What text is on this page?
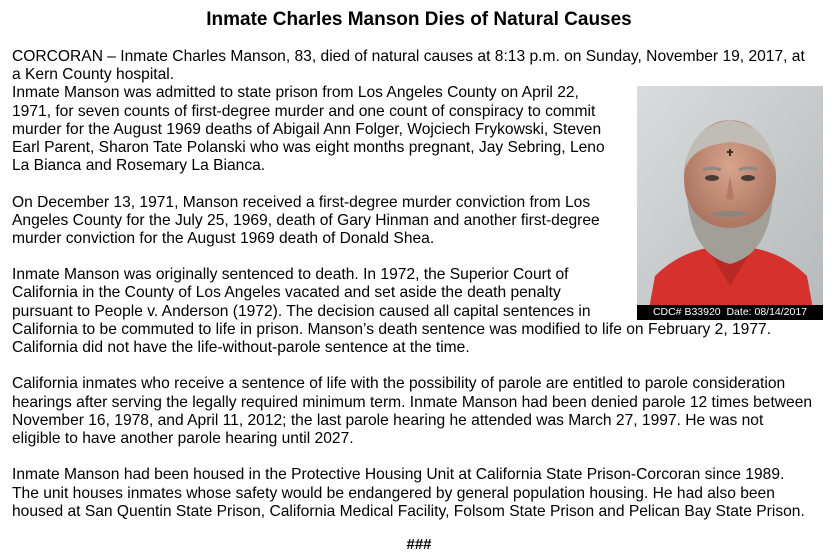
Inmate Charles Manson Dies of Natural Causes
CDC# B33920  Date: 08/14/2017
CORCORAN – Inmate Charles Manson, 83, died of natural causes at 8:13 p.m. on Sunday, November 19, 2017, at
a Kern County hospital.
Inmate Manson was admitted to state prison from Los Angeles County on April 22,
1971, for seven counts of first-degree murder and one count of conspiracy to commit
murder for the August 1969 deaths of Abigail Ann Folger, Wojciech Frykowski, Steven
Earl Parent, Sharon Tate Polanski who was eight months pregnant, Jay Sebring, Leno
La Bianca and Rosemary La Bianca.
On December 13, 1971, Manson received a first-degree murder conviction from Los
Angeles County for the July 25, 1969, death of Gary Hinman and another first-degree
murder conviction for the August 1969 death of Donald Shea.
Inmate Manson was originally sentenced to death. In 1972, the Superior Court of
California in the County of Los Angeles vacated and set aside the death penalty
pursuant to People v. Anderson (1972). The decision caused all capital sentences in
California to be commuted to life in prison. Manson’s death sentence was modified to life on February 2, 1977.
California did not have the life-without-parole sentence at the time.
California inmates who receive a sentence of life with the possibility of parole are entitled to parole consideration
hearings after serving the legally required minimum term. Inmate Manson had been denied parole 12 times between
November 16, 1978, and April 11, 2012; the last parole hearing he attended was March 27, 1997. He was not
eligible to have another parole hearing until 2027.
Inmate Manson had been housed in the Protective Housing Unit at California State Prison-Corcoran since 1989.
The unit houses inmates whose safety would be endangered by general population housing. He had also been
housed at San Quentin State Prison, California Medical Facility, Folsom State Prison and Pelican Bay State Prison.
###
